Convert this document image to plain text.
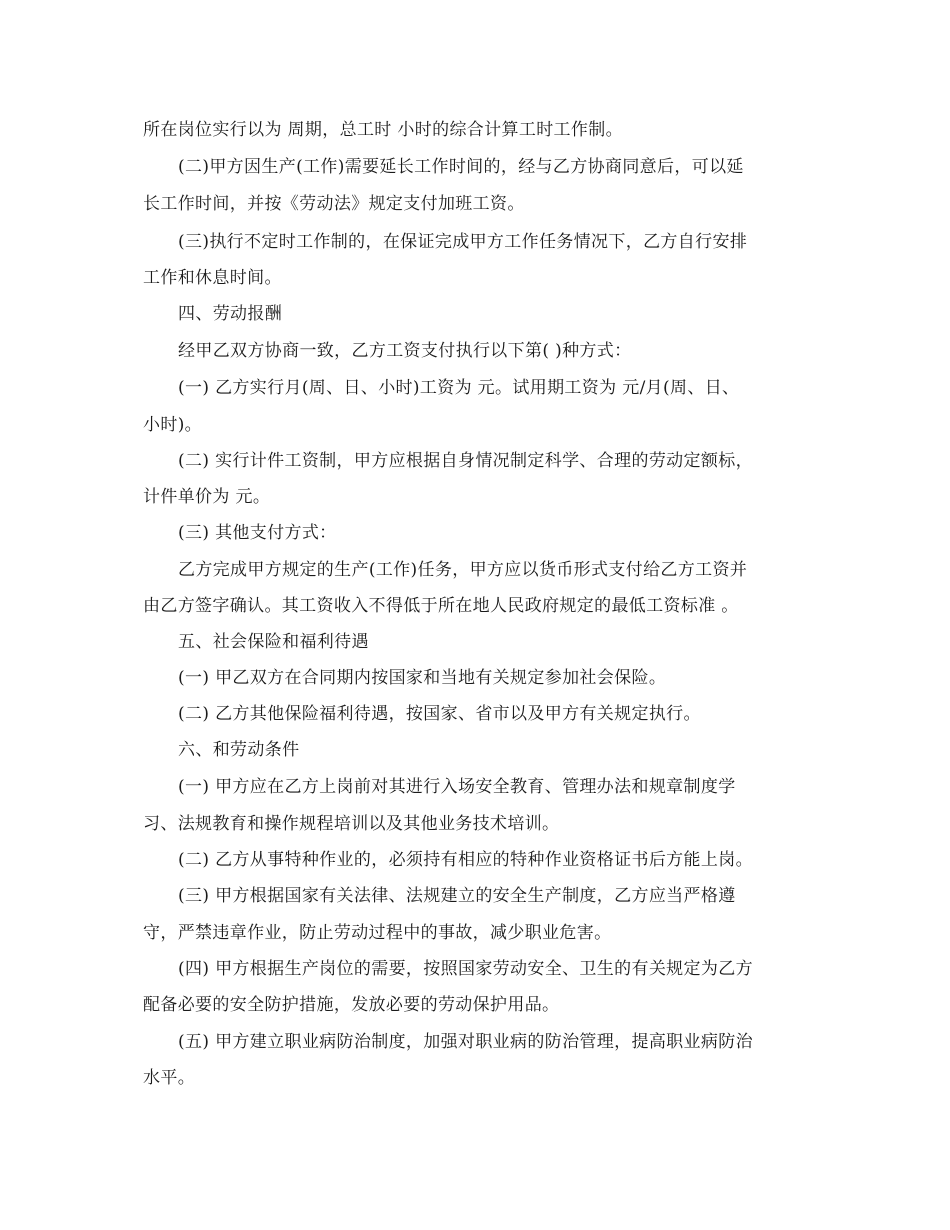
所在岗位实行以为 周期，总工时 小时的综合计算工时工作制。
(二)甲方因生产(工作)需要延长工作时间的，经与乙方协商同意后，可以延
长工作时间，并按《劳动法》规定支付加班工资。
(三)执行不定时工作制的，在保证完成甲方工作任务情况下，乙方自行安排
工作和休息时间。
四、劳动报酬
经甲乙双方协商一致，乙方工资支付执行以下第( )种方式：
(一) 乙方实行月(周、日、小时)工资为 元。试用期工资为 元/月(周、日、
小时)。
(二) 实行计件工资制，甲方应根据自身情况制定科学、合理的劳动定额标，
计件单价为 元。
(三) 其他支付方式：
乙方完成甲方规定的生产(工作)任务，甲方应以货币形式支付给乙方工资并
由乙方签字确认。其工资收入不得低于所在地人民政府规定的最低工资标准 。
五、社会保险和福利待遇
(一) 甲乙双方在合同期内按国家和当地有关规定参加社会保险。
(二) 乙方其他保险福利待遇，按国家、省市以及甲方有关规定执行。
六、和劳动条件
(一) 甲方应在乙方上岗前对其进行入场安全教育、管理办法和规章制度学
习、法规教育和操作规程培训以及其他业务技术培训。
(二) 乙方从事特种作业的，必须持有相应的特种作业资格证书后方能上岗。
(三) 甲方根据国家有关法律、法规建立的安全生产制度，乙方应当严格遵
守，严禁违章作业，防止劳动过程中的事故，减少职业危害。
(四) 甲方根据生产岗位的需要，按照国家劳动安全、卫生的有关规定为乙方
配备必要的安全防护措施，发放必要的劳动保护用品。
(五) 甲方建立职业病防治制度，加强对职业病的防治管理，提高职业病防治
水平。
